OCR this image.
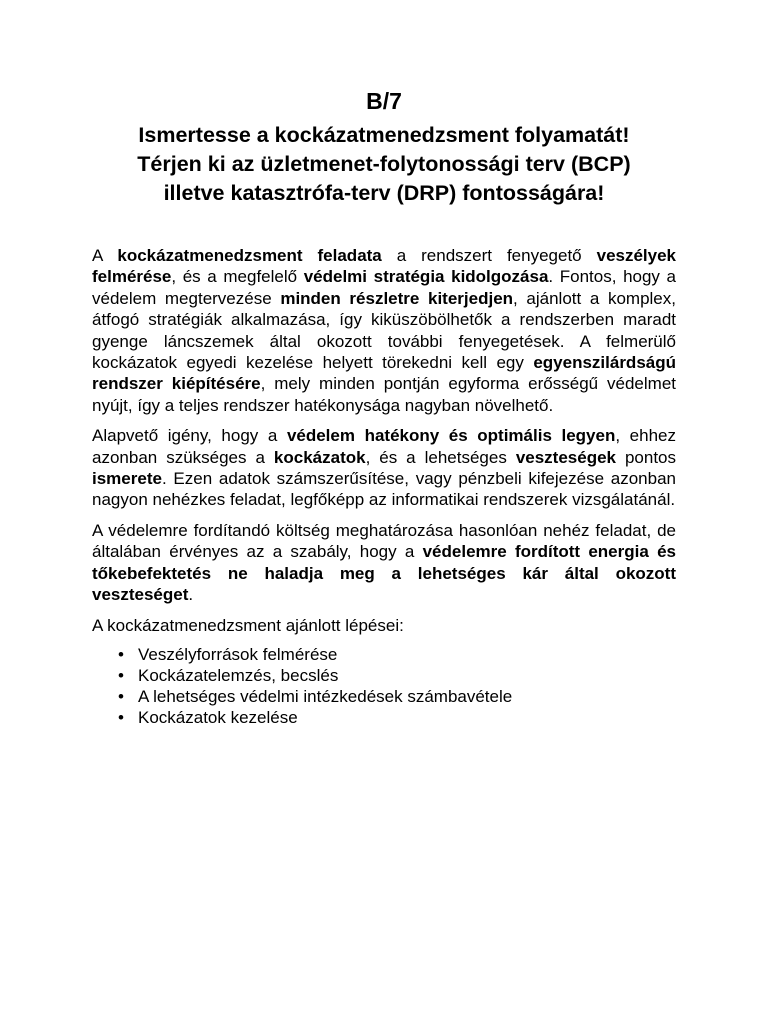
B/7
Ismertesse a kockázatmenedzsment folyamatát!
Térjen ki az üzletmenet-folytonossági terv (BCP)
illetve katasztrófa-terv (DRP) fontosságára!

A kockázatmenedzsment feladata a rendszert fenyegető veszélyek felmérése, és a megfelelő védelmi stratégia kidolgozása. Fontos, hogy a védelem megtervezése minden részletre kiterjedjen, ajánlott a komplex, átfogó stratégiák alkalmazása, így kiküszöbölhetők a rendszerben maradt gyenge láncszemek által okozott további fenyegetések. A felmerülő kockázatok egyedi kezelése helyett törekedni kell egy egyenszilárdságú rendszer kiépítésére, mely minden pontján egyforma erősségű védelmet nyújt, így a teljes rendszer hatékonysága nagyban növelhető.

Alapvető igény, hogy a védelem hatékony és optimális legyen, ehhez azonban szükséges a kockázatok, és a lehetséges veszteségek pontos ismerete. Ezen adatok számszerűsítése, vagy pénzbeli kifejezése azonban nagyon nehézkes feladat, legfőképp az informatikai rendszerek vizsgálatánál.

A védelemre fordítandó költség meghatározása hasonlóan nehéz feladat, de általában érvényes az a szabály, hogy a védelemre fordított energia és tőkebefektetés ne haladja meg a lehetséges kár által okozott veszteséget.

A kockázatmenedzsment ajánlott lépései:

• Veszélyforrások felmérése
• Kockázatelemzés, becslés
• A lehetséges védelmi intézkedések számbavétele
• Kockázatok kezelése
